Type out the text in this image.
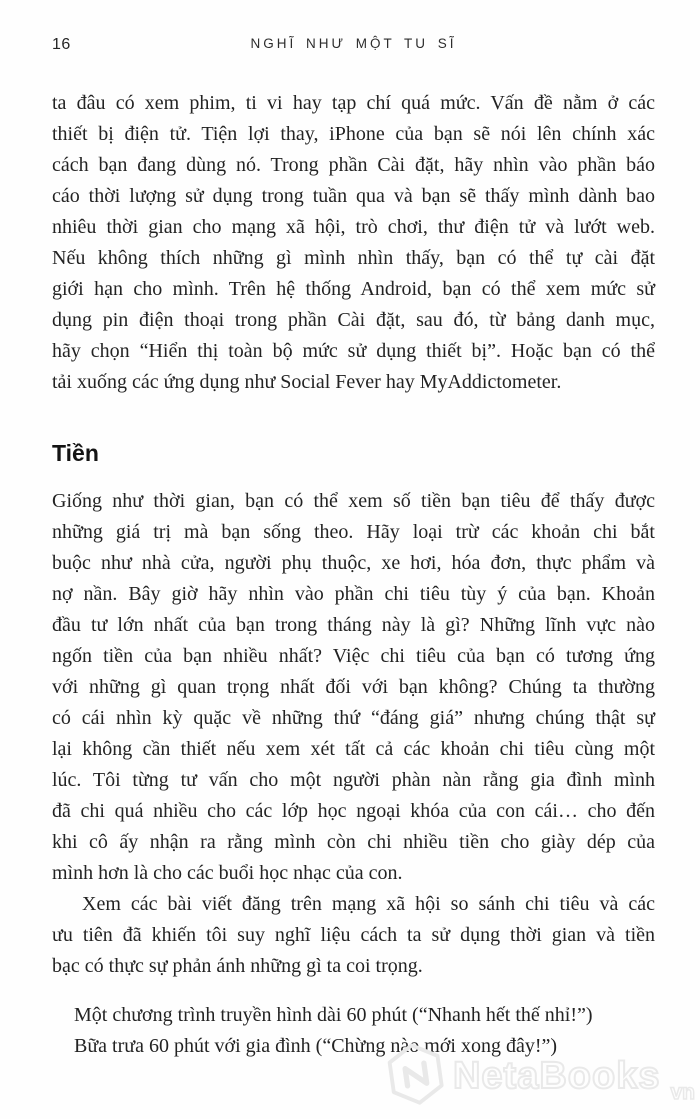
16	NGHĨ NHƯ MỘT TU SĨ
ta đâu có xem phim, ti vi hay tạp chí quá mức. Vấn đề nằm ở các
thiết bị điện tử. Tiện lợi thay, iPhone của bạn sẽ nói lên chính xác
cách bạn đang dùng nó. Trong phần Cài đặt, hãy nhìn vào phần báo
cáo thời lượng sử dụng trong tuần qua và bạn sẽ thấy mình dành bao
nhiêu thời gian cho mạng xã hội, trò chơi, thư điện tử và lướt web.
Nếu không thích những gì mình nhìn thấy, bạn có thể tự cài đặt
giới hạn cho mình. Trên hệ thống Android, bạn có thể xem mức sử
dụng pin điện thoại trong phần Cài đặt, sau đó, từ bảng danh mục,
hãy chọn “Hiển thị toàn bộ mức sử dụng thiết bị”. Hoặc bạn có thể
tải xuống các ứng dụng như Social Fever hay MyAddictometer.
Tiền
Giống như thời gian, bạn có thể xem số tiền bạn tiêu để thấy được
những giá trị mà bạn sống theo. Hãy loại trừ các khoản chi bắt
buộc như nhà cửa, người phụ thuộc, xe hơi, hóa đơn, thực phẩm và
nợ nần. Bây giờ hãy nhìn vào phần chi tiêu tùy ý của bạn. Khoản
đầu tư lớn nhất của bạn trong tháng này là gì? Những lĩnh vực nào
ngốn tiền của bạn nhiều nhất? Việc chi tiêu của bạn có tương ứng
với những gì quan trọng nhất đối với bạn không? Chúng ta thường
có cái nhìn kỳ quặc về những thứ “đáng giá” nhưng chúng thật sự
lại không cần thiết nếu xem xét tất cả các khoản chi tiêu cùng một
lúc. Tôi từng tư vấn cho một người phàn nàn rằng gia đình mình
đã chi quá nhiều cho các lớp học ngoại khóa của con cái… cho đến
khi cô ấy nhận ra rằng mình còn chi nhiều tiền cho giày dép của
mình hơn là cho các buổi học nhạc của con.
Xem các bài viết đăng trên mạng xã hội so sánh chi tiêu và các
ưu tiên đã khiến tôi suy nghĩ liệu cách ta sử dụng thời gian và tiền
bạc có thực sự phản ánh những gì ta coi trọng.
Một chương trình truyền hình dài 60 phút (“Nhanh hết thế nhỉ!”)
Bữa trưa 60 phút với gia đình (“Chừng nào mới xong đây!”)
NetaBooks vn
